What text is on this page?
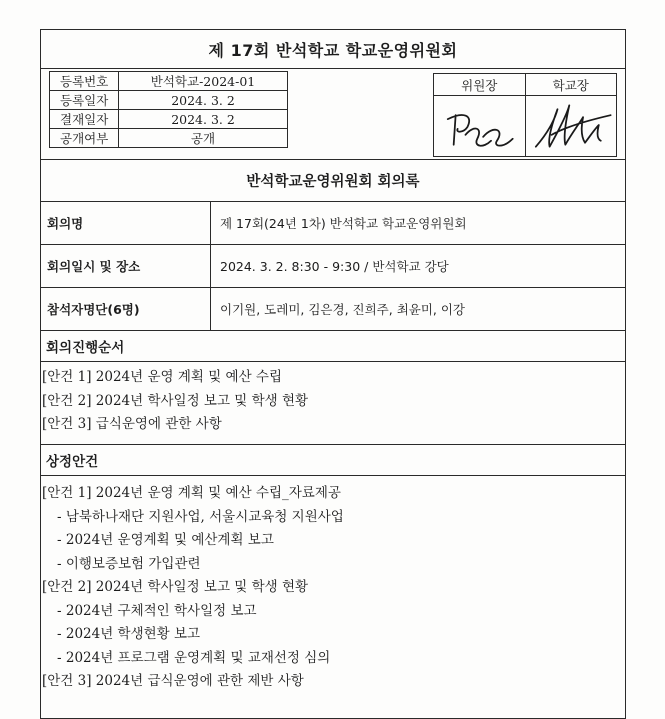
제 17회 반석학교 학교운영위원회
등록번호	반석학교-2024-01
등록일자	2024. 3. 2
결재일자	2024. 3. 2
공개여부	공개
위원장	학교장
반석학교운영위원회 회의록
회의명	제 17회(24년 1차) 반석학교 학교운영위원회
회의일시 및 장소	2024. 3. 2. 8:30 - 9:30 / 반석학교 강당
참석자명단(6명)	이기원, 도레미, 김은경, 진희주, 최윤미, 이강
회의진행순서
[안건 1] 2024년 운영 계획 및 예산 수립
[안건 2] 2024년 학사일정 보고 및 학생 현황
[안건 3] 급식운영에 관한 사항
상정안건
[안건 1] 2024년 운영 계획 및 예산 수립_자료제공
- 남북하나재단 지원사업, 서울시교육청 지원사업
- 2024년 운영계획 및 예산계획 보고
- 이행보증보험 가입관련
[안건 2] 2024년 학사일정 보고 및 학생 현황
- 2024년 구체적인 학사일정 보고
- 2024년 학생현황 보고
- 2024년 프로그램 운영계획 및 교재선정 심의
[안건 3] 2024년 급식운영에 관한 제반 사항
